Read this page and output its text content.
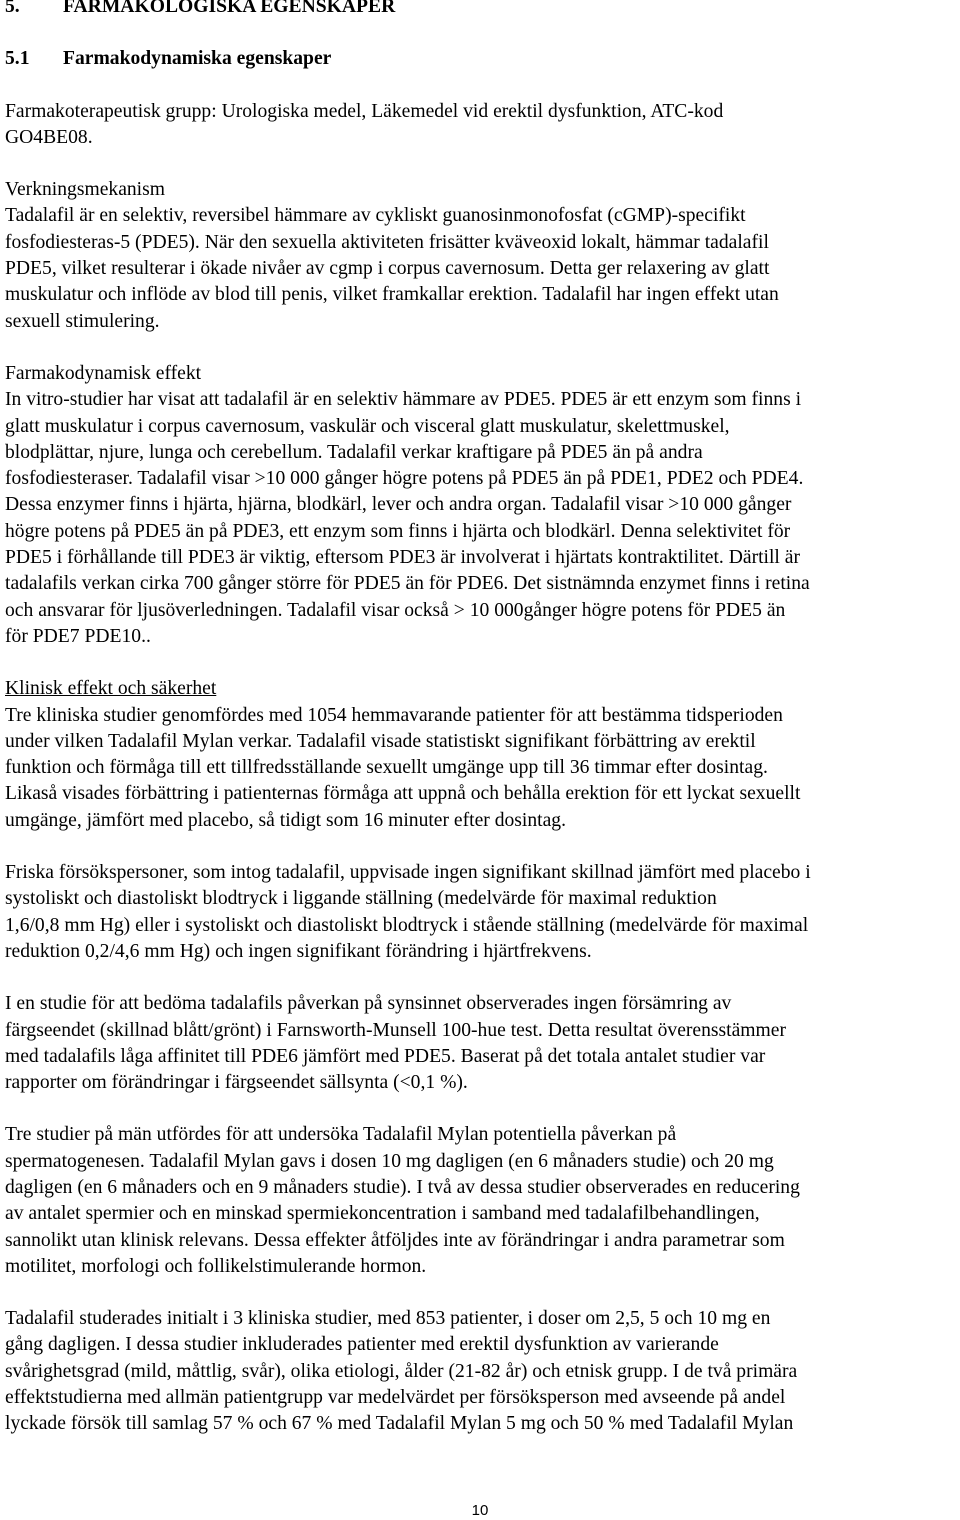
5. FARMAKOLOGISKA EGENSKAPER
5.1 Farmakodynamiska egenskaper

Farmakoterapeutisk grupp: Urologiska medel, Läkemedel vid erektil dysfunktion, ATC-kod
GO4BE08.

Verkningsmekanism
Tadalafil är en selektiv, reversibel hämmare av cykliskt guanosinmonofosfat (cGMP)-specifikt
fosfodiesteras-5 (PDE5). När den sexuella aktiviteten frisätter kväveoxid lokalt, hämmar tadalafil
PDE5, vilket resulterar i ökade nivåer av cgmp i corpus cavernosum. Detta ger relaxering av glatt
muskulatur och inflöde av blod till penis, vilket framkallar erektion. Tadalafil har ingen effekt utan
sexuell stimulering.

Farmakodynamisk effekt
In vitro-studier har visat att tadalafil är en selektiv hämmare av PDE5. PDE5 är ett enzym som finns i
glatt muskulatur i corpus cavernosum, vaskulär och visceral glatt muskulatur, skelettmuskel,
blodplättar, njure, lunga och cerebellum. Tadalafil verkar kraftigare på PDE5 än på andra
fosfodiesteraser. Tadalafil visar >10 000 gånger högre potens på PDE5 än på PDE1, PDE2 och PDE4.
Dessa enzymer finns i hjärta, hjärna, blodkärl, lever och andra organ. Tadalafil visar >10 000 gånger
högre potens på PDE5 än på PDE3, ett enzym som finns i hjärta och blodkärl. Denna selektivitet för
PDE5 i förhållande till PDE3 är viktig, eftersom PDE3 är involverat i hjärtats kontraktilitet. Därtill är
tadalafils verkan cirka 700 gånger större för PDE5 än för PDE6. Det sistnämnda enzymet finns i retina
och ansvarar för ljusöverledningen. Tadalafil visar också > 10 000gånger högre potens för PDE5 än
för PDE7 PDE10..

Klinisk effekt och säkerhet
Tre kliniska studier genomfördes med 1054 hemmavarande patienter för att bestämma tidsperioden
under vilken Tadalafil Mylan verkar. Tadalafil visade statistiskt signifikant förbättring av erektil
funktion och förmåga till ett tillfredsställande sexuellt umgänge upp till 36 timmar efter dosintag.
Likaså visades förbättring i patienternas förmåga att uppnå och behålla erektion för ett lyckat sexuellt
umgänge, jämfört med placebo, så tidigt som 16 minuter efter dosintag.

Friska försökspersoner, som intog tadalafil, uppvisade ingen signifikant skillnad jämfört med placebo i
systoliskt och diastoliskt blodtryck i liggande ställning (medelvärde för maximal reduktion
1,6/0,8 mm Hg) eller i systoliskt och diastoliskt blodtryck i stående ställning (medelvärde för maximal
reduktion 0,2/4,6 mm Hg) och ingen signifikant förändring i hjärtfrekvens.

I en studie för att bedöma tadalafils påverkan på synsinnet observerades ingen försämring av
färgseendet (skillnad blått/grönt) i Farnsworth-Munsell 100-hue test. Detta resultat överensstämmer
med tadalafils låga affinitet till PDE6 jämfört med PDE5. Baserat på det totala antalet studier var
rapporter om förändringar i färgseendet sällsynta (<0,1 %).

Tre studier på män utfördes för att undersöka Tadalafil Mylan potentiella påverkan på
spermatogenesen. Tadalafil Mylan gavs i dosen 10 mg dagligen (en 6 månaders studie) och 20 mg
dagligen (en 6 månaders och en 9 månaders studie). I två av dessa studier observerades en reducering
av antalet spermier och en minskad spermiekoncentration i samband med tadalafilbehandlingen,
sannolikt utan klinisk relevans. Dessa effekter åtföljdes inte av förändringar i andra parametrar som
motilitet, morfologi och follikelstimulerande hormon.

Tadalafil studerades initialt i 3 kliniska studier, med 853 patienter, i doser om 2,5, 5 och 10 mg en
gång dagligen. I dessa studier inkluderades patienter med erektil dysfunktion av varierande
svårighetsgrad (mild, måttlig, svår), olika etiologi, ålder (21-82 år) och etnisk grupp. I de två primära
effektstudierna med allmän patientgrupp var medelvärdet per försöksperson med avseende på andel
lyckade försök till samlag 57 % och 67 % med Tadalafil Mylan 5 mg och 50 % med Tadalafil Mylan

10
